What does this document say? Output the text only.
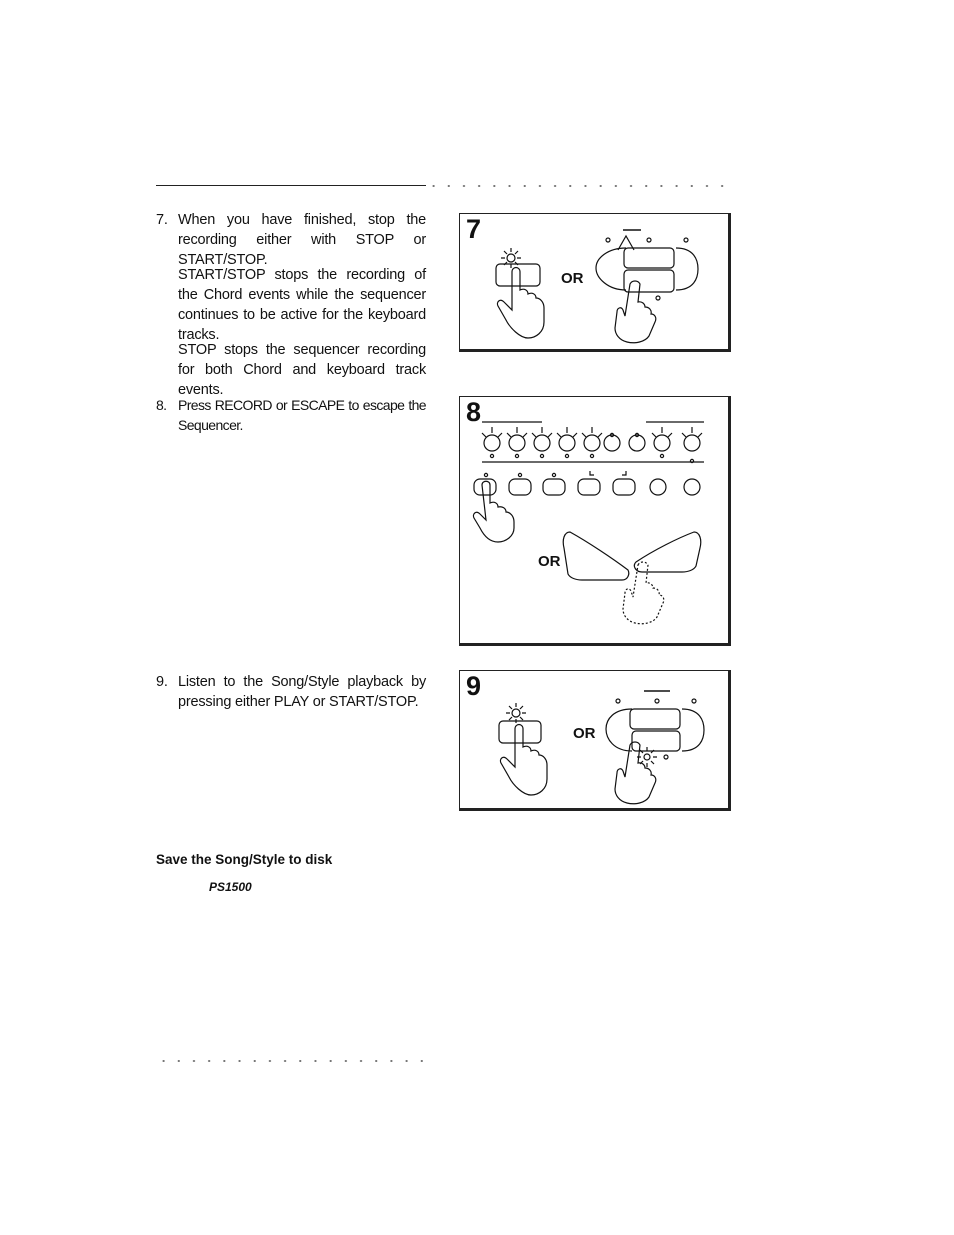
7. When you have finished, stop the recording either with STOP or START/STOP.
START/STOP stops the recording of the Chord events while the sequencer continues to be active for the keyboard tracks.
STOP stops the sequencer recording for both Chord and keyboard track events.
8. Press RECORD or ESCAPE to escape the Sequencer.
9. Listen to the Song/Style playback by pressing either PLAY or START/STOP.
7
OR
8
OR
9
OR
Save the Song/Style to disk
PS1500
